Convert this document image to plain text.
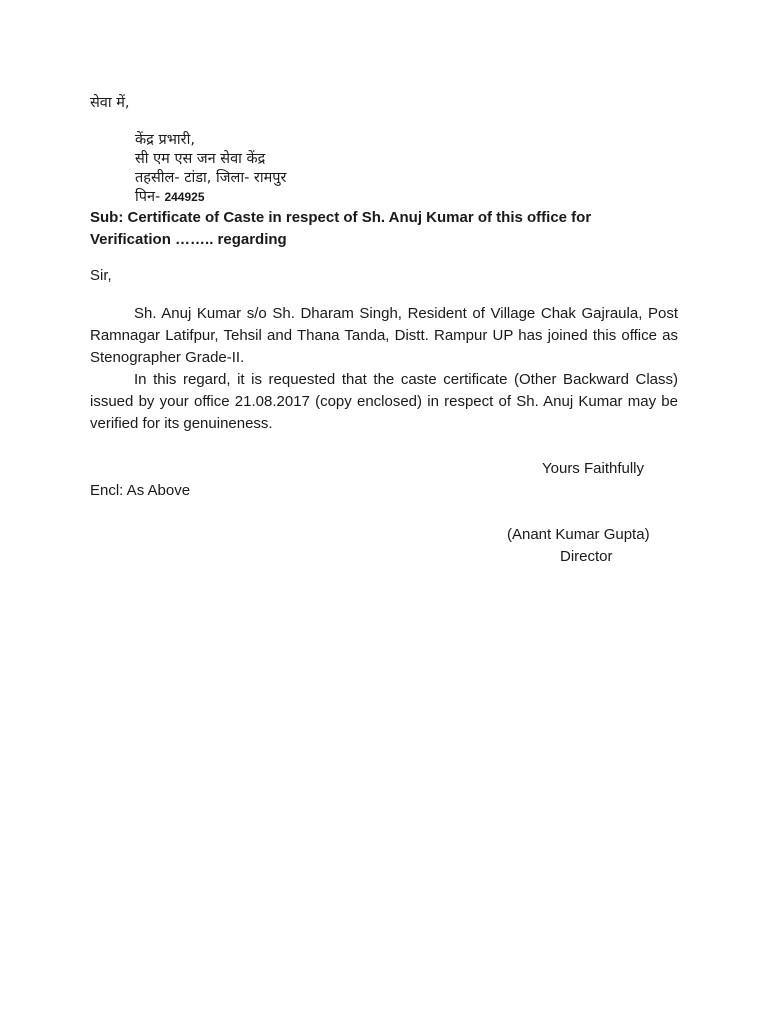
सेवा में,
केंद्र प्रभारी,
सी एम एस जन सेवा केंद्र
तहसील- टांडा, जिला- रामपुर
पिन- 244925
Sub: Certificate of Caste in respect of Sh. Anuj Kumar of this office for
Verification …….. regarding
Sir,
Sh. Anuj Kumar s/o Sh. Dharam Singh, Resident of Village Chak Gajraula, Post Ramnagar Latifpur, Tehsil and Thana Tanda, Distt. Rampur UP has joined this office as Stenographer Grade-II.
In this regard, it is requested that the caste certificate (Other Backward Class) issued by your office 21.08.2017 (copy enclosed) in respect of Sh. Anuj Kumar may be verified for its genuineness.
Yours Faithfully
Encl: As Above
(Anant Kumar Gupta)
Director
